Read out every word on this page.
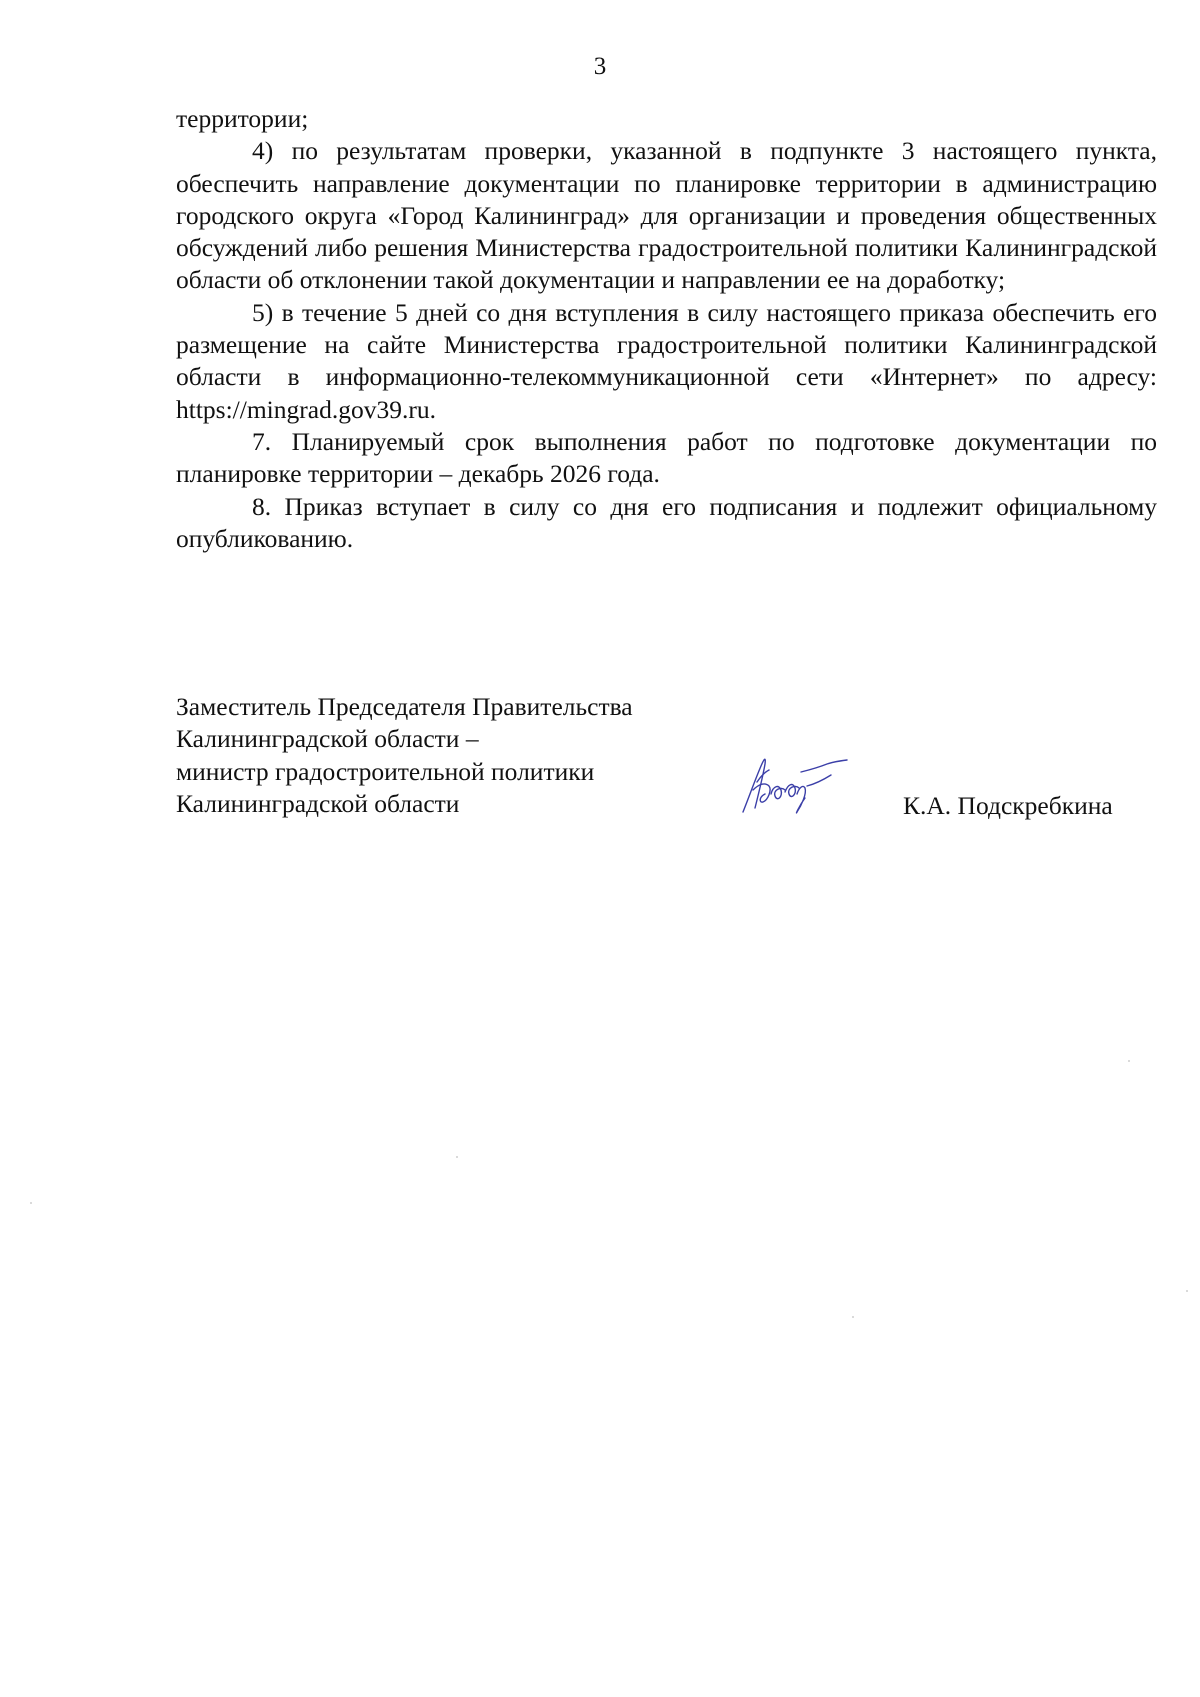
3

территории;

4) по результатам проверки, указанной в подпункте 3 настоящего пункта, обеспечить направление документации по планировке территории в администрацию городского округа «Город Калининград» для организации и проведения общественных обсуждений либо решения Министерства градостроительной политики Калининградской области об отклонении такой документации и направлении ее на доработку;

5) в течение 5 дней со дня вступления в силу настоящего приказа обеспечить его размещение на сайте Министерства градостроительной политики Калининградской области в информационно-телекоммуникационной сети «Интернет» по адресу: https://mingrad.gov39.ru.

7. Планируемый срок выполнения работ по подготовке документации по планировке территории – декабрь 2026 года.

8. Приказ вступает в силу со дня его подписания и подлежит официальному опубликованию.

Заместитель Председателя Правительства
Калининградской области –
министр градостроительной политики
Калининградской области	К.А. Подскребкина
